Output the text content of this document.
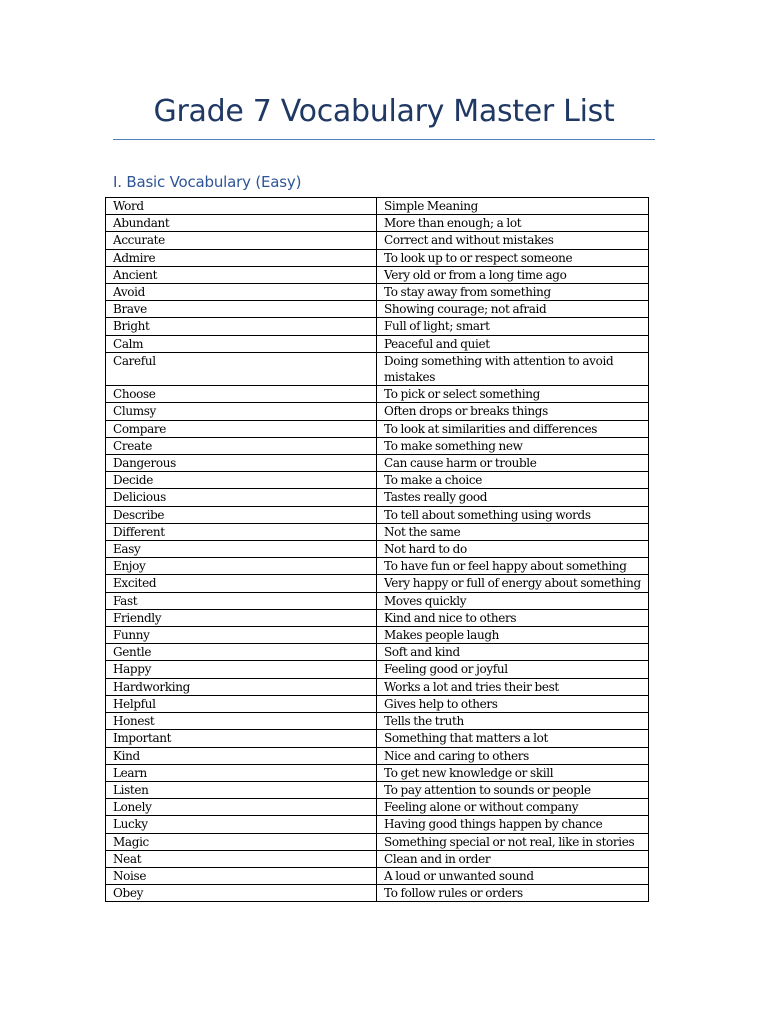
Grade 7 Vocabulary Master List
I. Basic Vocabulary (Easy)
Word	Simple Meaning
Abundant	More than enough; a lot
Accurate	Correct and without mistakes
Admire	To look up to or respect someone
Ancient	Very old or from a long time ago
Avoid	To stay away from something
Brave	Showing courage; not afraid
Bright	Full of light; smart
Calm	Peaceful and quiet
Careful	Doing something with attention to avoid mistakes
Choose	To pick or select something
Clumsy	Often drops or breaks things
Compare	To look at similarities and differences
Create	To make something new
Dangerous	Can cause harm or trouble
Decide	To make a choice
Delicious	Tastes really good
Describe	To tell about something using words
Different	Not the same
Easy	Not hard to do
Enjoy	To have fun or feel happy about something
Excited	Very happy or full of energy about something
Fast	Moves quickly
Friendly	Kind and nice to others
Funny	Makes people laugh
Gentle	Soft and kind
Happy	Feeling good or joyful
Hardworking	Works a lot and tries their best
Helpful	Gives help to others
Honest	Tells the truth
Important	Something that matters a lot
Kind	Nice and caring to others
Learn	To get new knowledge or skill
Listen	To pay attention to sounds or people
Lonely	Feeling alone or without company
Lucky	Having good things happen by chance
Magic	Something special or not real, like in stories
Neat	Clean and in order
Noise	A loud or unwanted sound
Obey	To follow rules or orders
